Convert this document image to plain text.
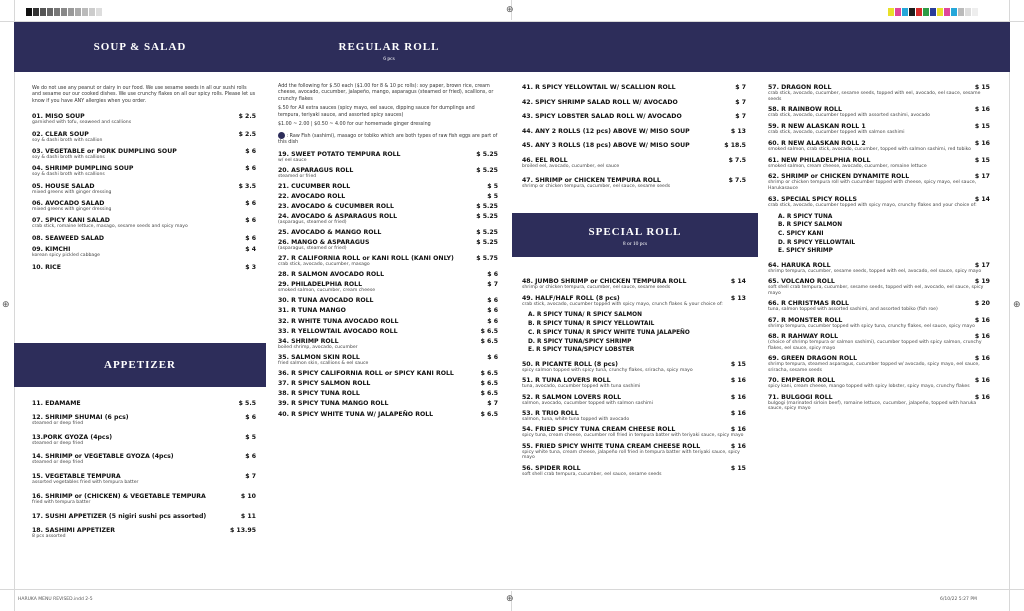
⊕
⊕
⊕	⊕
HARUKA MENU REVISED.indd 2-5	6/10/22 5:27 PM
SOUP & SALAD	REGULAR ROLL
6 pcs
APPETIZER
SPECIAL ROLL
8 or 10 pcs
We do not use any peanut or dairy in our food. We use sesame seeds in all our sushi rolls and sesame our our cooked dishes. We use crunchy flakes on all our spicy rolls. Please let us know if you have ANY allergies when you order.
01. MISO SOUP	$ 2.5
garnished with tofu, seaweed and scallions
02. CLEAR SOUP	$ 2.5
soy & dashi broth with scallion
03. VEGETABLE or PORK DUMPLING SOUP	$ 6
soy & dashi broth with scallions
04. SHRIMP DUMPLING SOUP	$ 6
soy & dashi broth with scallions
05. HOUSE SALAD	$ 3.5
mixed greens with ginger dressing
06. AVOCADO SALAD	$ 6
mixed greens with ginger dressing
07. SPICY KANI SALAD	$ 6
crab stick, romaine lettuce, masago, sesame seeds and spicy mayo
08. SEAWEED SALAD	$ 6
09. KIMCHI	$ 4
korean spicy pickled cabbage
10. RICE	$ 3
11. EDAMAME	$ 5.5
12. SHRIMP SHUMAI (6 pcs)	$ 6
steamed or deep fried
13.PORK GYOZA (4pcs)	$ 5
steamed or deep fried
14. SHRIMP or VEGETABLE GYOZA (4pcs)	$ 6
steamed or deep fried
15. VEGETABLE TEMPURA	$ 7
assorted vegetables fried with tempura batter
16. SHRIMP or (CHICKEN) & VEGETABLE TEMPURA	$ 10
fried with tempura batter
17. SUSHI APPETIZER (5 nigiri sushi pcs assorted)	$ 11
18. SASHIMI APPETIZER	$ 13.95
8 pcs assorted
Add the following for $.50 each ($1.00 for 8 & 10 pc rolls): soy paper, brown rice, cream cheese, avocado, cucumber, jalapeño, mango, asparagus (steamed or fried), scallions, or crunchy flakes
$.50 for All extra sauces (spicy mayo, eel sauce, dipping sauce for dumplings and tempura, teriyaki sauce, and assorted spicy sauces)
$1.00 ~ 2.00 | $0.50 ~ 4.00 for our homemade ginger dressing
: Raw Fish (sashimi), masago or tobiko which are both types of raw fish eggs are part of this dish
19. SWEET POTATO TEMPURA ROLL	$ 5.25
w/ eel sauce
20. ASPARAGUS ROLL	$ 5.25
steamed or fried
21. CUCUMBER ROLL	$ 5
22. AVOCADO ROLL	$ 5
23. AVOCADO & CUCUMBER ROLL	$ 5.25
24. AVOCADO & ASPARAGUS ROLL	$ 5.25
(asparagus, steamed or fried)
25. AVOCADO & MANGO ROLL	$ 5.25
26. MANGO & ASPARAGUS	$ 5.25
(asparagus, steamed or fried)
27. R CALIFORNIA ROLL or KANI ROLL (KANI ONLY)	$ 5.75
crab stick, avocado, cucumber, masago
28. R SALMON AVOCADO ROLL	$ 6
29. PHILADELPHIA ROLL	$ 7
smoked salmon, cucumber, cream cheese
30. R TUNA AVOCADO ROLL	$ 6
31. R TUNA MANGO	$ 6
32. R WHITE TUNA AVOCADO ROLL	$ 6
33. R YELLOWTAIL AVOCADO ROLL	$ 6.5
34. SHRIMP ROLL	$ 6.5
boiled shrimp, avocado, cucumber
35. SALMON SKIN ROLL	$ 6
fried salmon skin, scallions & eel sauce
36. R SPICY CALIFORNIA ROLL or SPICY KANI ROLL	$ 6.5
37. R SPICY SALMON ROLL	$ 6.5
38. R SPICY TUNA ROLL	$ 6.5
39. R SPICY TUNA MANGO ROLL	$ 7
40. R SPICY WHITE TUNA W/ JALAPEÑO ROLL	$ 6.5
41. R SPICY YELLOWTAIL W/ SCALLION ROLL	$ 7
42. SPICY SHRIMP SALAD ROLL W/ AVOCADO	$ 7
43. SPICY LOBSTER SALAD ROLL W/ AVOCADO	$ 7
44. ANY 2 ROLLS (12 pcs) ABOVE W/ MISO SOUP	$ 13
45. ANY 3 ROLLS (18 pcs) ABOVE W/ MISO SOUP	$ 18.5
46. EEL ROLL	$ 7.5
broiled eel, avocado, cucumber, eel sauce
47. SHRIMP or CHICKEN TEMPURA ROLL	$ 7.5
shrimp or chicken tempura, cucumber, eel sauce, sesame seeds
48. JUMBO SHRIMP or CHICKEN TEMPURA ROLL	$ 14
shrimp or chicken tempura, cucumber, eel sauce, sesame seeds
49. HALF/HALF ROLL (8 pcs)	$ 13
crab stick, avocado, cucumber topped with spicy mayo, crunch flakes & your choice of:
A. R SPICY TUNA/ R SPICY SALMON
B. R SPICY TUNA/ R SPICY YELLOWTAIL
C. R SPICY TUNA/ R SPICY WHITE TUNA JALAPEÑO
D. R SPICY TUNA/SPICY SHRIMP
E. R SPICY TUNA/SPICY LOBSTER
50. R PICANTE ROLL (8 pcs)	$ 15
spicy salmon topped with spicy tuna, crunchy flakes, sriracha, spicy mayo
51. R TUNA LOVERS ROLL	$ 16
tuna, avocado, cucumber topped with tuna sashimi
52. R SALMON LOVERS ROLL	$ 16
salmon, avocado, cucumber topped with salmon sashimi
53. R TRIO ROLL	$ 16
salmon, tuna, white tuna topped with avocado
54. FRIED SPICY TUNA CREAM CHEESE ROLL	$ 16
spicy tuna, cream cheese, cucumber roll fried in tempura batter with teriyaki sauce, spicy mayo
55. FRIED SPICY WHITE TUNA CREAM CHEESE ROLL	$ 16
spicy white tuna, cream cheese, jalapeño roll fried in tempura batter with teriyaki sauce, spicy mayo
56. SPIDER ROLL	$ 15
soft shell crab tempura, cucumber, eel sauce, sesame seeds
57. DRAGON ROLL	$ 15
crab stick, avocado, cucumber, sesame seeds, topped with eel, avocado, eel sauce, sesame seeds
58. R RAINBOW ROLL	$ 16
crab stick, avocado, cucumber topped with assorted sashimi, avocado
59. R NEW ALASKAN ROLL 1	$ 15
crab stick, avocado, cucumber topped with salmon sashimi
60. R NEW ALASKAN ROLL 2	$ 16
smoked salmon, crab stick, avocado, cucumber, topped with salmon sashimi, red tobiko
61. NEW PHILADELPHIA ROLL	$ 15
smoked salmon, cream cheese, avocado, cucumber, romaine lettuce
62. SHRIMP or CHICKEN DYNAMITE ROLL	$ 17
shrimp or chicken tempura roll with cucumber topped with cheese, spicy mayo, eel sauce, Harukasauce
63. SPECIAL SPICY ROLLS	$ 14
crab stick, avocado, cucumber topped with spicy mayo, crunchy flakes and your choice of:
A. R SPICY TUNA
B. R SPICY SALMON
C. SPICY KANI
D. R SPICY YELLOWTAIL
E. SPICY SHRIMP
64. HARUKA ROLL	$ 17
shrimp tempura, cucumber, sesame seeds, topped with eel, avocado, eel sauce, spicy mayo
65. VOLCANO ROLL	$ 19
soft shell crab tempura, cucumber, sesame seeds, topped with eel, avocado, eel sauce, spicy mayo
66. R CHRISTMAS ROLL	$ 20
tuna, salmon topped with assorted sashimi, and assorted tobiko (fish roe)
67. R MONSTER ROLL	$ 16
shrimp tempura, cucumber topped with spicy tuna, crunchy flakes, eel sauce, spicy mayo
68. R RAHWAY ROLL	$ 16
(choice of shrimp tempura or salmon sashimi), cucumber topped with spicy salmon, crunchy flakes, eel sauce, spicy mayo
69. GREEN DRAGON ROLL	$ 16
shrimp tempura, steamed asparagus, cucumber topped w/ avocado, spicy mayo, eel sauce, sriracha, sesame seeds
70. EMPEROR ROLL	$ 16
spicy kani, cream cheese, mango topped with spicy lobster, spicy mayo, crunchy flakes
71. BULGOGI ROLL	$ 16
bulgogi (marinated sirloin beef), romaine lettuce, cucumber, jalapeño, topped with haruka sauce, spicy mayo
